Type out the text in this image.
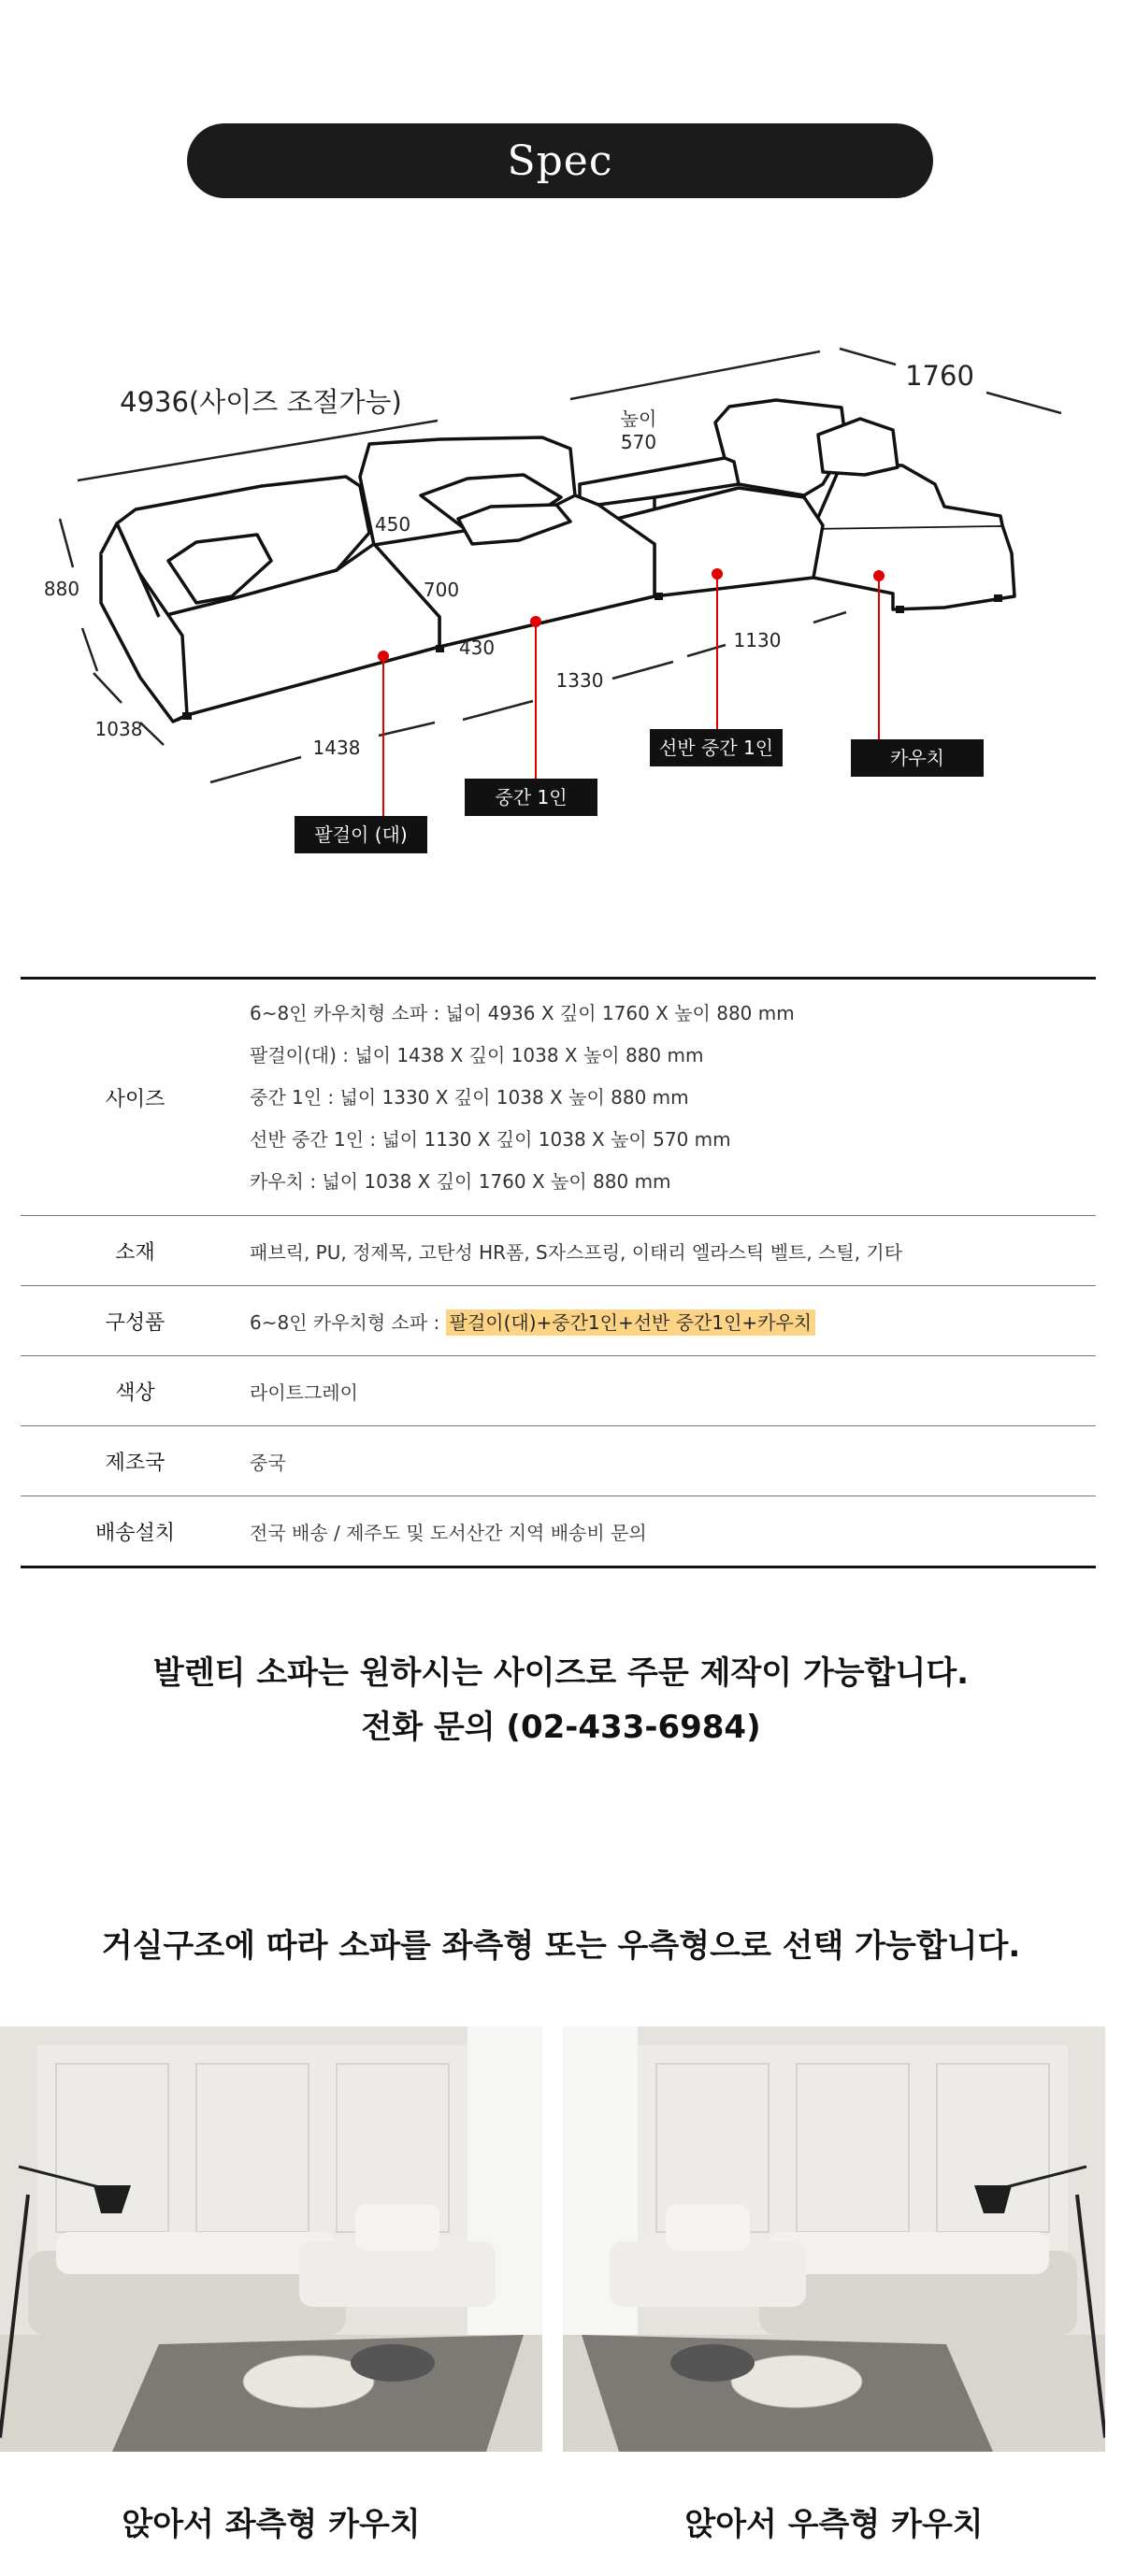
Spec
4936(사이즈 조절가능)
1760
높이
570
450
700
430
880
1038
1438
1330
1130
팔걸이 (대)
중간 1인
선반 중간 1인	카우치
사이즈
6~8인 카우치형 소파 : 넓이 4936 X 깊이 1760 X 높이 880 mm
팔걸이(대) : 넓이 1438 X 깊이 1038 X 높이 880 mm
중간 1인 : 넓이 1330 X 깊이 1038 X 높이 880 mm
선반 중간 1인 : 넓이 1130 X 깊이 1038 X 높이 570 mm
카우치 : 넓이 1038 X 깊이 1760 X 높이 880 mm
소재	패브릭, PU, 정제목, 고탄성 HR폼, S자스프링, 이태리 엘라스틱 벨트, 스틸, 기타
구성품	6~8인 카우치형 소파 : 팔걸이(대)+중간1인+선반 중간1인+카우치
색상	라이트그레이
제조국	중국
배송설치	전국 배송 / 제주도 및 도서산간 지역 배송비 문의
발렌티 소파는 원하시는 사이즈로 주문 제작이 가능합니다.
전화 문의 (02-433-6984)
거실구조에 따라 소파를 좌측형 또는 우측형으로 선택 가능합니다.
앉아서 좌측형 카우치	앉아서 우측형 카우치
